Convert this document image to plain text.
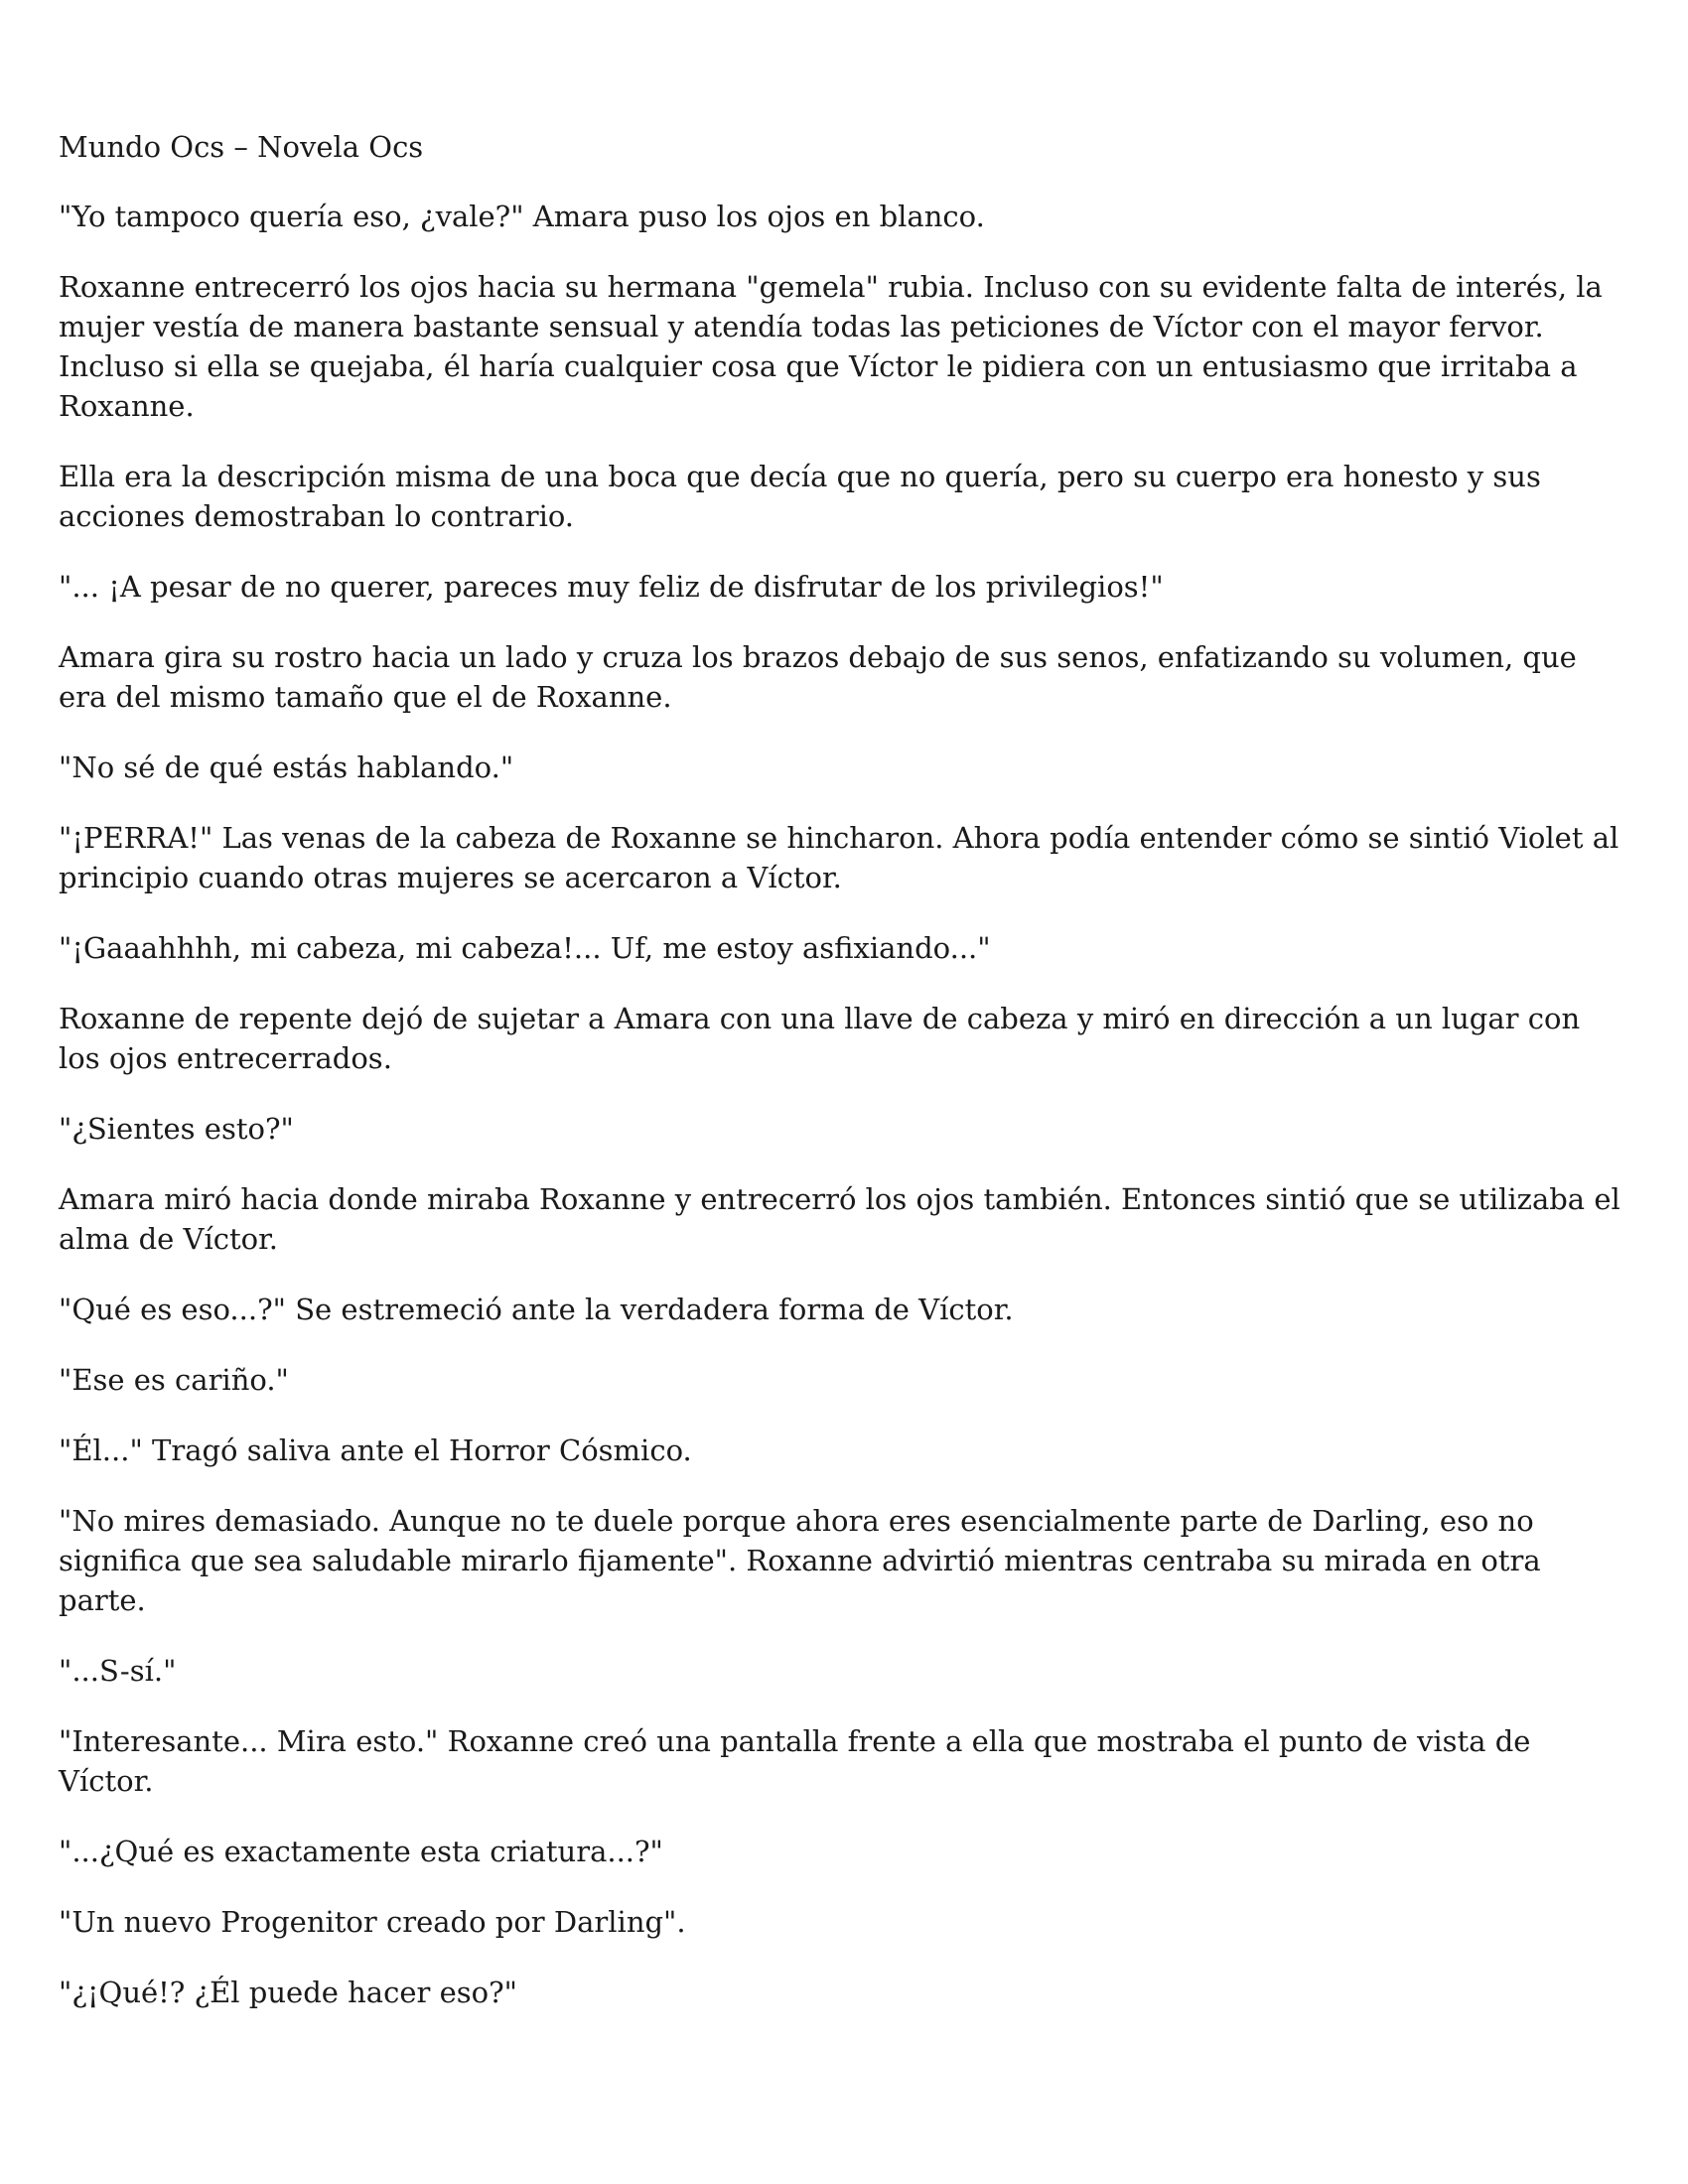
Mundo Ocs – Novela Ocs

"Yo tampoco quería eso, ¿vale?" Amara puso los ojos en blanco.

Roxanne entrecerró los ojos hacia su hermana "gemela" rubia. Incluso con su evidente falta de interés, la mujer vestía de manera bastante sensual y atendía todas las peticiones de Víctor con el mayor fervor. Incluso si ella se quejaba, él haría cualquier cosa que Víctor le pidiera con un entusiasmo que irritaba a Roxanne.

Ella era la descripción misma de una boca que decía que no quería, pero su cuerpo era honesto y sus acciones demostraban lo contrario.

"... ¡A pesar de no querer, pareces muy feliz de disfrutar de los privilegios!"

Amara gira su rostro hacia un lado y cruza los brazos debajo de sus senos, enfatizando su volumen, que era del mismo tamaño que el de Roxanne.

"No sé de qué estás hablando."

"¡PERRA!" Las venas de la cabeza de Roxanne se hincharon. Ahora podía entender cómo se sintió Violet al principio cuando otras mujeres se acercaron a Víctor.

"¡Gaaahhhh, mi cabeza, mi cabeza!... Uf, me estoy asfixiando..."

Roxanne de repente dejó de sujetar a Amara con una llave de cabeza y miró en dirección a un lugar con los ojos entrecerrados.

"¿Sientes esto?"

Amara miró hacia donde miraba Roxanne y entrecerró los ojos también. Entonces sintió que se utilizaba el alma de Víctor.

"Qué es eso...?" Se estremeció ante la verdadera forma de Víctor.

"Ese es cariño."

"Él..." Tragó saliva ante el Horror Cósmico.

"No mires demasiado. Aunque no te duele porque ahora eres esencialmente parte de Darling, eso no significa que sea saludable mirarlo fijamente". Roxanne advirtió mientras centraba su mirada en otra parte.

"...S-sí."

"Interesante... Mira esto." Roxanne creó una pantalla frente a ella que mostraba el punto de vista de Víctor.

"...¿Qué es exactamente esta criatura...?"

"Un nuevo Progenitor creado por Darling".

"¿¡Qué!? ¿Él puede hacer eso?"
